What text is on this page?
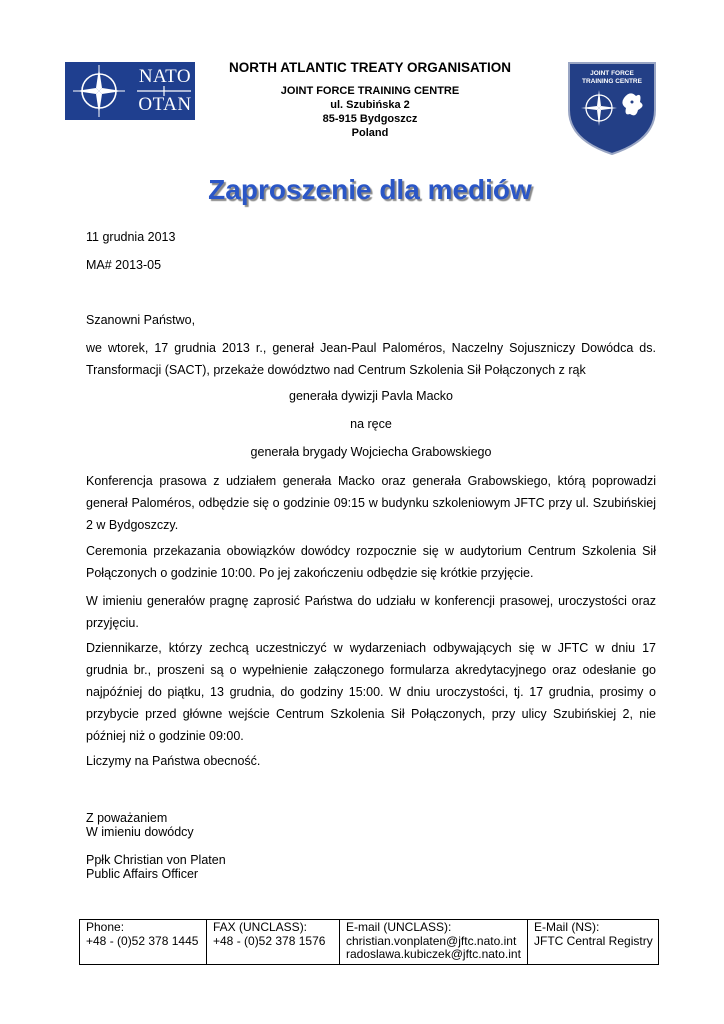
NATO
OTAN
NORTH ATLANTIC TREATY ORGANISATION
JOINT FORCE TRAINING CENTRE
ul. Szubińska 2
85-915 Bydgoszcz
Poland
JOINT FORCE
TRAINING CENTRE
Zaproszenie dla mediów
11 grudnia 2013
MA# 2013-05
Szanowni Państwo,
we wtorek, 17 grudnia 2013 r., generał Jean-Paul Paloméros, Naczelny Sojuszniczy Dowódca ds. Transformacji (SACT), przekaże dowództwo nad Centrum Szkolenia Sił Połączonych z rąk
generała dywizji Pavla Macko
na ręce
generała brygady Wojciecha Grabowskiego
Konferencja prasowa z udziałem generała Macko oraz generała Grabowskiego, którą poprowadzi generał Paloméros, odbędzie się o godzinie 09:15 w budynku szkoleniowym JFTC przy ul. Szubińskiej 2 w Bydgoszczy.
Ceremonia przekazania obowiązków dowódcy rozpocznie się w audytorium Centrum Szkolenia Sił Połączonych o godzinie 10:00. Po jej zakończeniu odbędzie się krótkie przyjęcie.
W imieniu generałów pragnę zaprosić Państwa do udziału w konferencji prasowej, uroczystości oraz przyjęciu.
Dziennikarze, którzy zechcą uczestniczyć w wydarzeniach odbywających się w JFTC w dniu 17 grudnia br., proszeni są o wypełnienie załączonego formularza akredytacyjnego oraz odesłanie go najpóźniej do piątku, 13 grudnia, do godziny 15:00. W dniu uroczystości, tj. 17 grudnia, prosimy o przybycie przed główne wejście Centrum Szkolenia Sił Połączonych, przy ulicy Szubińskiej 2, nie później niż o godzinie 09:00.
Liczymy na Państwa obecność.
Z poważaniem
W imieniu dowódcy
Ppłk Christian von Platen
Public Affairs Officer
Phone:
+48 - (0)52 378 1445

FAX (UNCLASS):
+48 - (0)52 378 1576

E-mail (UNCLASS):
christian.vonplaten@jftc.nato.int
radoslawa.kubiczek@jftc.nato.int

E-Mail (NS):
JFTC Central Registry
